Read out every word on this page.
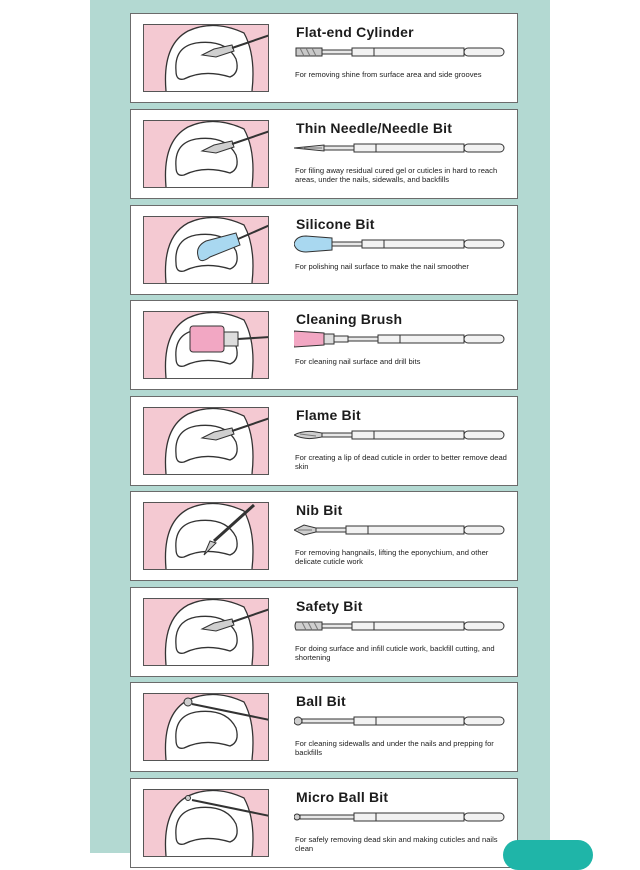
Flat-end Cylinder
For removing shine from surface area and side grooves
Thin Needle/Needle Bit
For filing away residual cured gel or cuticles in hard to reach areas, under the nails, sidewalls, and backfills
Silicone Bit
For polishing nail surface to make the nail smoother
Cleaning Brush
For cleaning nail surface and drill bits
Flame Bit
For creating a lip of dead cuticle in order to better remove dead skin
Nib Bit
For removing hangnails, lifting the eponychium, and other delicate cuticle work
Safety Bit
For doing surface and infill cuticle work, backfill cutting, and shortening
Ball Bit
For cleaning sidewalls and under the nails and prepping for backfills
Micro Ball Bit
For safely removing dead skin and making cuticles and nails clean
